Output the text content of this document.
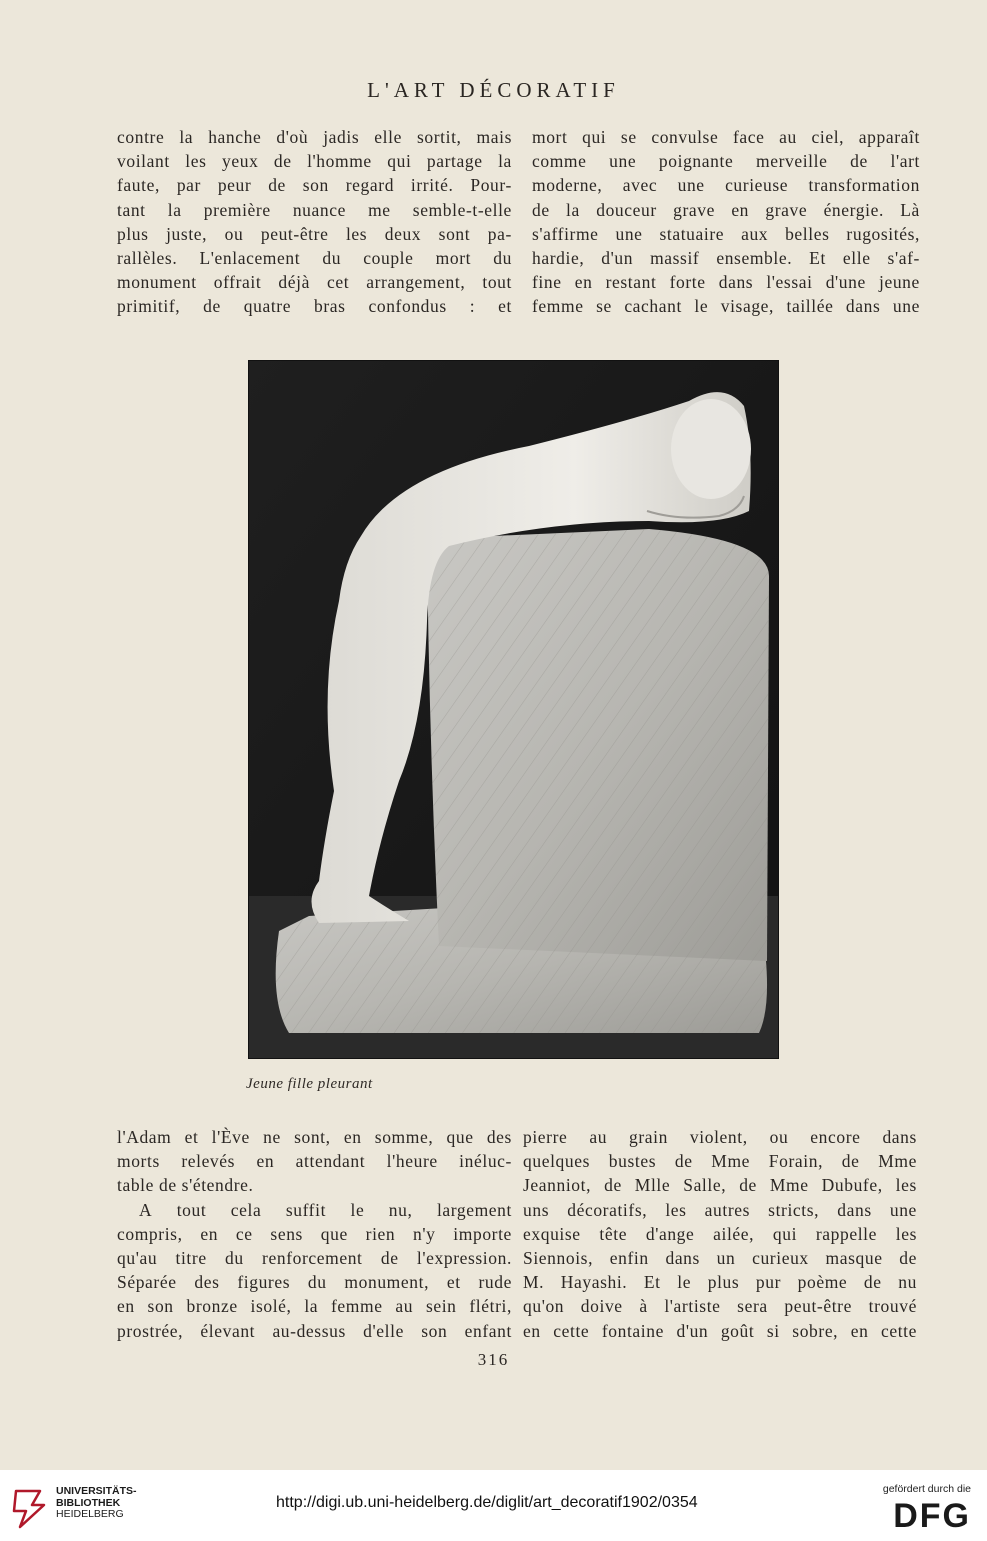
L'ART DÉCORATIF
contre la hanche d'où jadis elle sortit, mais
voilant les yeux de l'homme qui partage la
faute, par peur de son regard irrité. Pour-
tant la première nuance me semble-t-elle
plus juste, ou peut-être les deux sont pa-
rallèles. L'enlacement du couple mort du
monument offrait déjà cet arrangement, tout
primitif, de quatre bras confondus : et
mort qui se convulse face au ciel, apparaît
comme une poignante merveille de l'art
moderne, avec une curieuse transformation
de la douceur grave en grave énergie. Là
s'affirme une statuaire aux belles rugosités,
hardie, d'un massif ensemble. Et elle s'af-
fine en restant forte dans l'essai d'une jeune
femme se cachant le visage, taillée dans une
Jeune fille pleurant
l'Adam et l'Ève ne sont, en somme, que des
morts relevés en attendant l'heure inéluc-
table de s'étendre.
A tout cela suffit le nu, largement
compris, en ce sens que rien n'y importe
qu'au titre du renforcement de l'expression.
Séparée des figures du monument, et rude
en son bronze isolé, la femme au sein flétri,
prostrée, élevant au-dessus d'elle son enfant
pierre au grain violent, ou encore dans
quelques bustes de Mme Forain, de Mme
Jeanniot, de Mlle Salle, de Mme Dubufe, les
uns décoratifs, les autres stricts, dans une
exquise tête d'ange ailée, qui rappelle les
Siennois, enfin dans un curieux masque de
M. Hayashi. Et le plus pur poème de nu
qu'on doive à l'artiste sera peut-être trouvé
en cette fontaine d'un goût si sobre, en cette
316
UNIVERSITÄTS-
BIBLIOTHEK
HEIDELBERG
http://digi.ub.uni-heidelberg.de/diglit/art_decoratif1902/0354
gefördert durch die
DFG
